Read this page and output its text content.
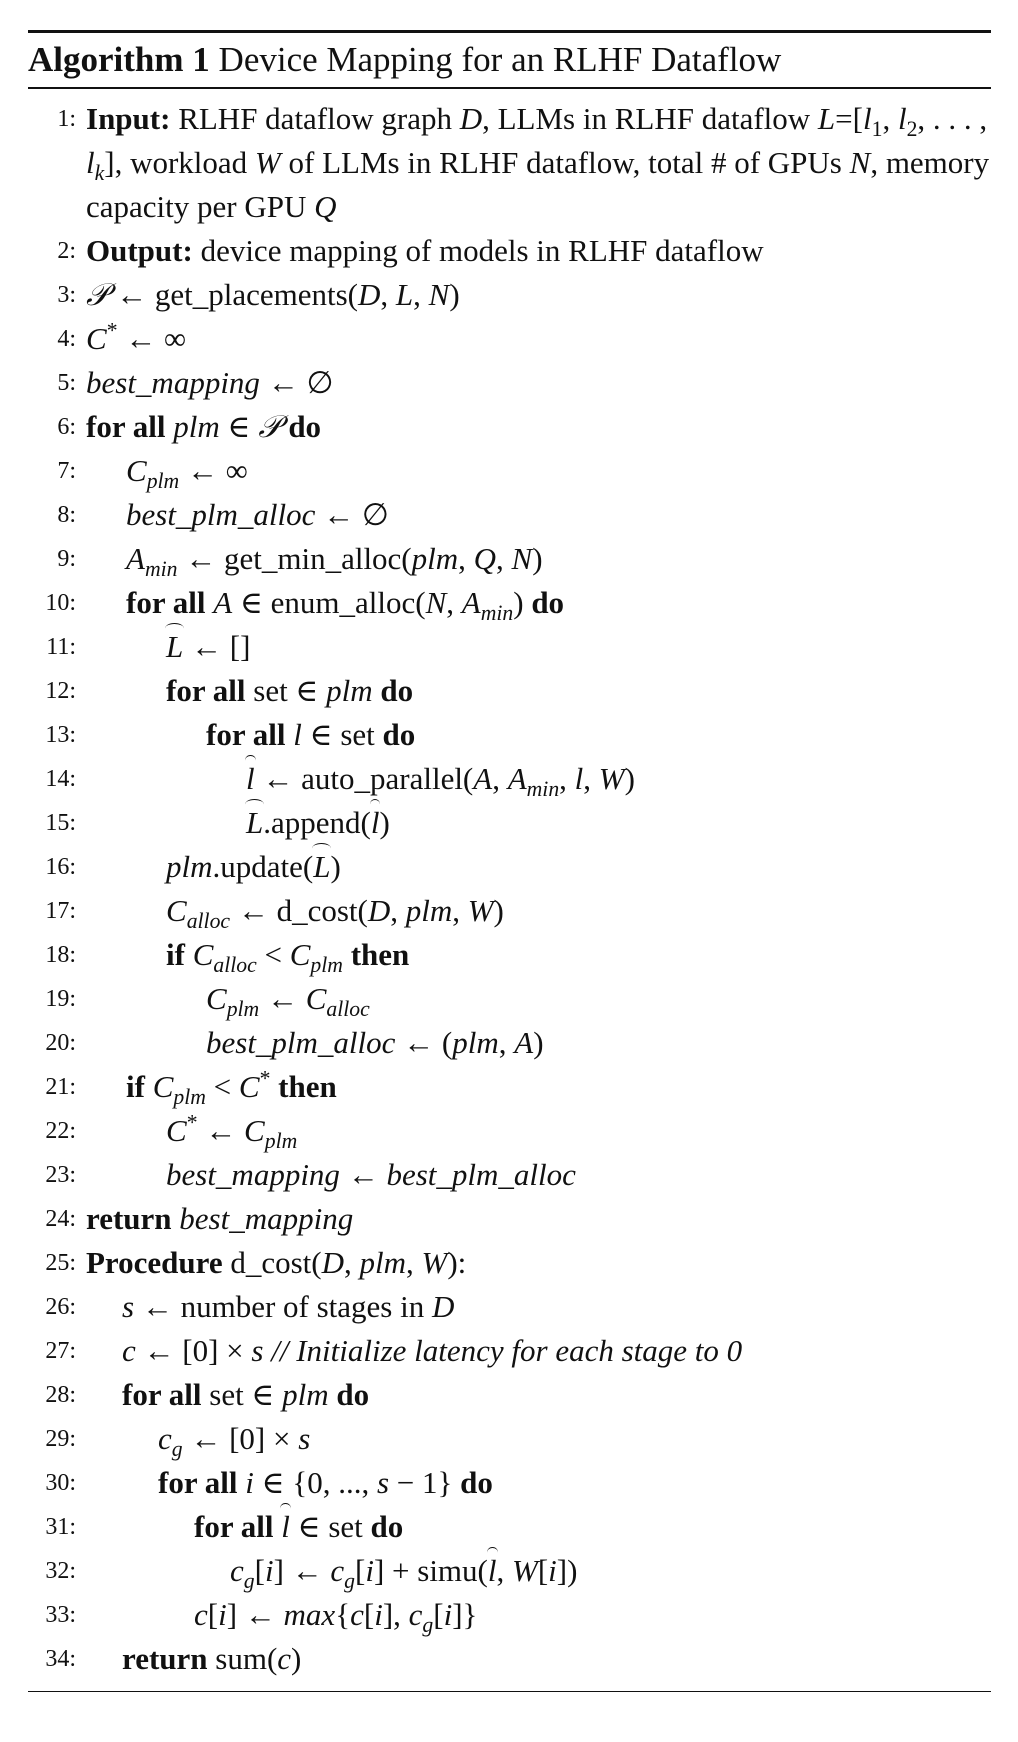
Algorithm 1 Device Mapping for an RLHF Dataflow
1: Input: RLHF dataflow graph D, LLMs in RLHF dataflow $L=[l_1$, $l_2$, . . . , $l_k$], workload W of LLMs in RLHF dataflow, total # of GPUs N, memory capacity per GPU Q
2: Output: device mapping of models in RLHF dataflow
3: 𝒫 ← get_placements(D, L, N)
4: C* ← ∞
5: best_mapping ← ∅
6: for all plm ∈ 𝒫 do
7:	$C_{plm}$ ← ∞
8:	best_plm_alloc ← ∅
9:	$A_{min}$ ← get_min_alloc(plm, Q, N)
10:	for all A ∈ enum_alloc(N, $A_{min}$) do
11:	L ← []
12:	for all set ∈ plm do
13:	for all l ∈ set do
14:	l ← auto_parallel(A, $A_{min}$, l, W)
15:	L.append(l)
16:	plm.update(L)
17:	$C_{alloc}$ ← d_cost(D, plm, W)
18:	if $C_{alloc} < C_{plm}$ then
19:	$C_{plm}$ ← $C_{alloc}$
20:	best_plm_alloc ← (plm, A)
21:	if $C_{plm} < C^*$ then
22:	C* ← $C_{plm}$
23:	best_mapping ← best_plm_alloc
24: return best_mapping
25: Procedure d_cost(D, plm, W):
26:	s ← number of stages in D
27:	c ← [0] × s // Initialize latency for each stage to 0
28:	for all set ∈ plm do
29:	$c_g$ ← [0] × s
30:	for all i ∈ {0, ..., s − 1} do
31:	for all l ∈ set do
32:	$c_g[i]$ ← $c_g[i]$ + simu(l, W[i])
33:	c[i] ← max{c[i], $c_g[i]$}
34:	return sum(c)
